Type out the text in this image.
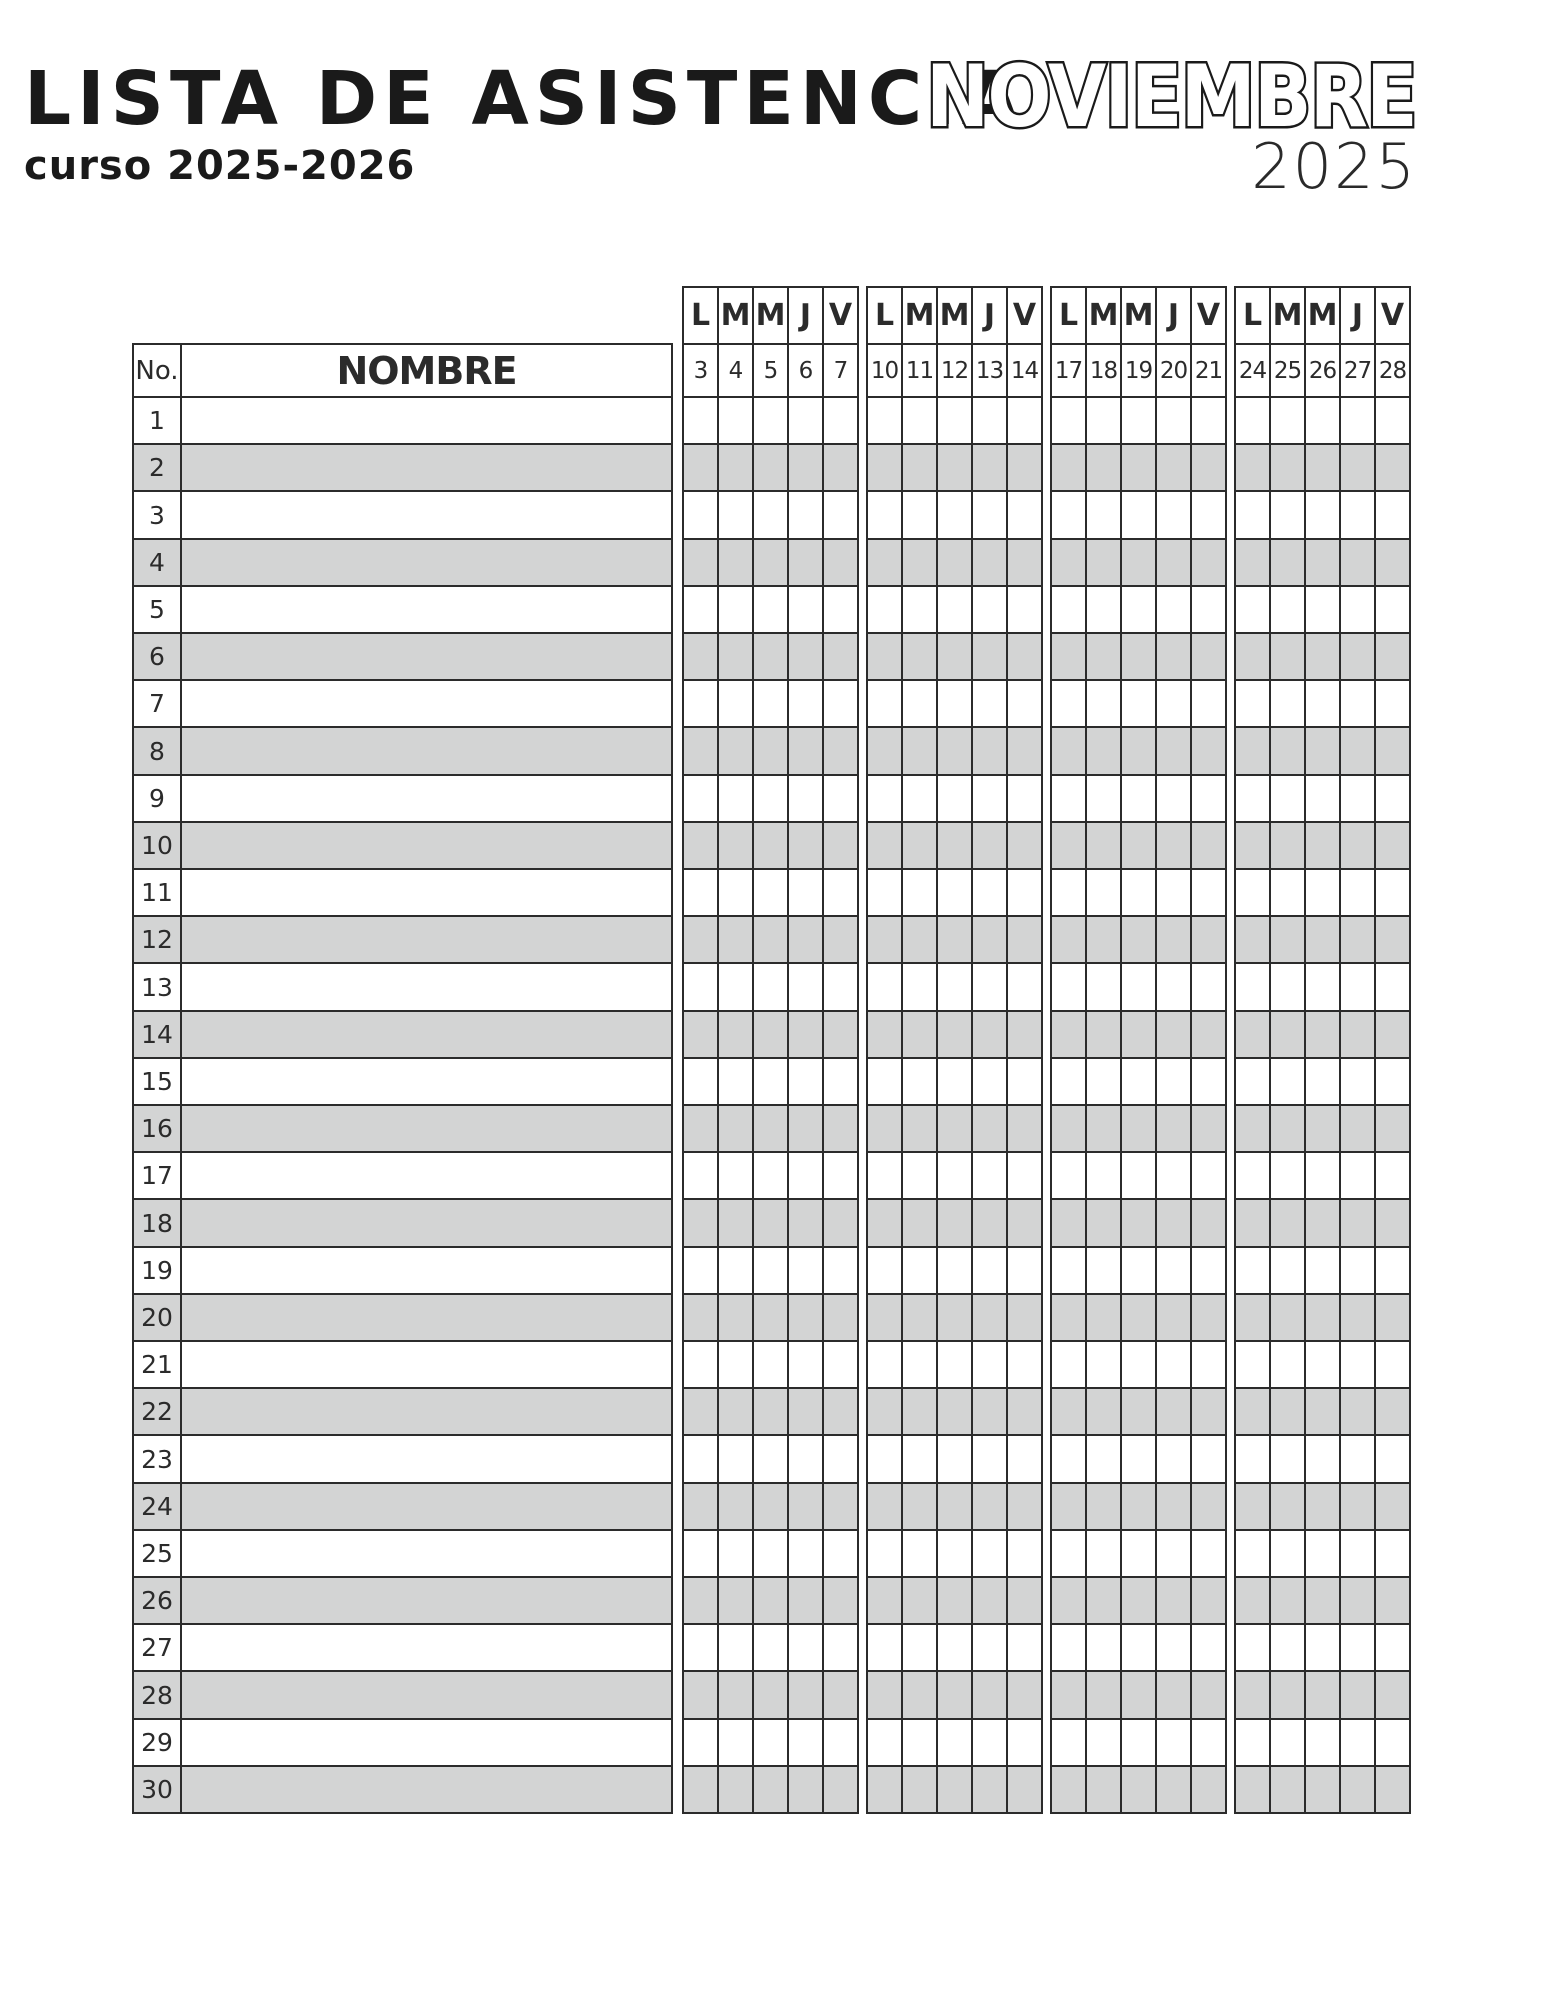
LISTA DE ASISTENCIA

curso 2025-2026

NOVIEMBRE
2025
No.	NOMBRE
L M M J V
3 4 5 6 7
L M M J V
10 11 12 13 14
L M M J V
17 18 19 20 21
L M M J V
24 25 26 27 28
1
2
3
4
5
6
7
8
9
10
11
12
13
14
15
16
17
18
19
20
21
22
23
24
25
26
27
28
29
30
